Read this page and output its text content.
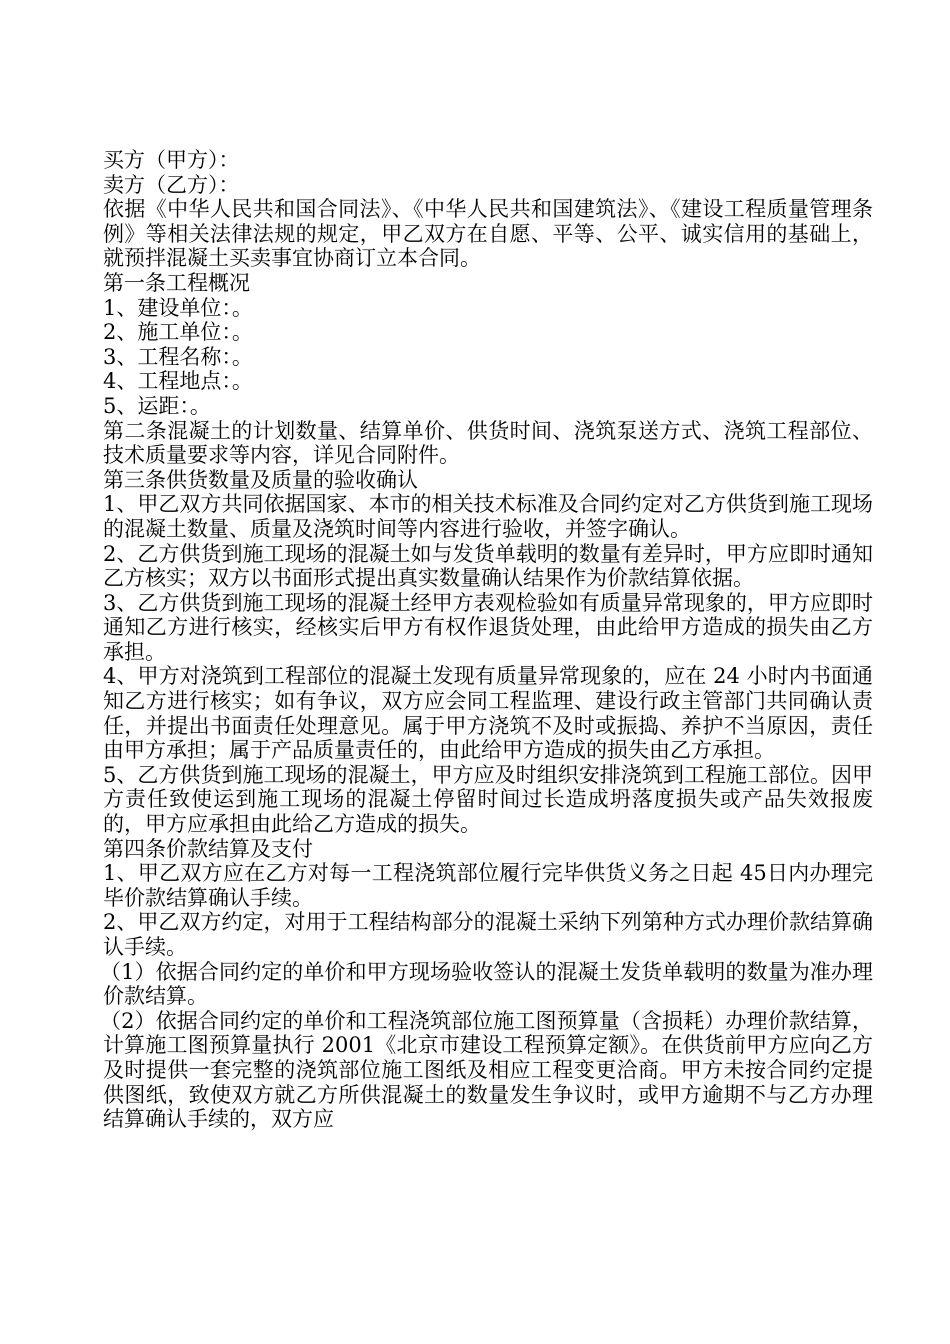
买方（甲方）：

卖方（乙方）：

依据《中华人民共和国合同法》、《中华人民共和国建筑法》、《建设工程质量管理条例》等相关法律法规的规定，甲乙双方在自愿、平等、公平、诚实信用的基础上，就预拌混凝土买卖事宜协商订立本合同。

第一条工程概况

1、建设单位：。

2、施工单位：。

3、工程名称：。

4、工程地点：。

5、运距：。

第二条混凝土的计划数量、结算单价、供货时间、浇筑泵送方式、浇筑工程部位、技术质量要求等内容，详见合同附件。

第三条供货数量及质量的验收确认

1、甲乙双方共同依据国家、本市的相关技术标准及合同约定对乙方供货到施工现场的混凝土数量、质量及浇筑时间等内容进行验收，并签字确认。

2、乙方供货到施工现场的混凝土如与发货单载明的数量有差异时，甲方应即时通知乙方核实；双方以书面形式提出真实数量确认结果作为价款结算依据。

3、乙方供货到施工现场的混凝土经甲方表观检验如有质量异常现象的，甲方应即时通知乙方进行核实，经核实后甲方有权作退货处理，由此给甲方造成的损失由乙方承担。

4、甲方对浇筑到工程部位的混凝土发现有质量异常现象的，应在 24 小时内书面通知乙方进行核实；如有争议，双方应会同工程监理、建设行政主管部门共同确认责任，并提出书面责任处理意见。属于甲方浇筑不及时或振捣、养护不当原因，责任由甲方承担；属于产品质量责任的，由此给甲方造成的损失由乙方承担。

5、乙方供货到施工现场的混凝土，甲方应及时组织安排浇筑到工程施工部位。因甲方责任致使运到施工现场的混凝土停留时间过长造成坍落度损失或产品失效报废的，甲方应承担由此给乙方造成的损失。

第四条价款结算及支付

1、甲乙双方应在乙方对每一工程浇筑部位履行完毕供货义务之日起 45日内办理完毕价款结算确认手续。

2、甲乙双方约定，对用于工程结构部分的混凝土采纳下列第种方式办理价款结算确认手续。

（1）依据合同约定的单价和甲方现场验收签认的混凝土发货单载明的数量为准办理价款结算。

（2）依据合同约定的单价和工程浇筑部位施工图预算量（含损耗）办理价款结算，计算施工图预算量执行 2001《北京市建设工程预算定额》。在供货前甲方应向乙方及时提供一套完整的浇筑部位施工图纸及相应工程变更洽商。甲方未按合同约定提供图纸，致使双方就乙方所供混凝土的数量发生争议时，或甲方逾期不与乙方办理结算确认手续的，双方应
